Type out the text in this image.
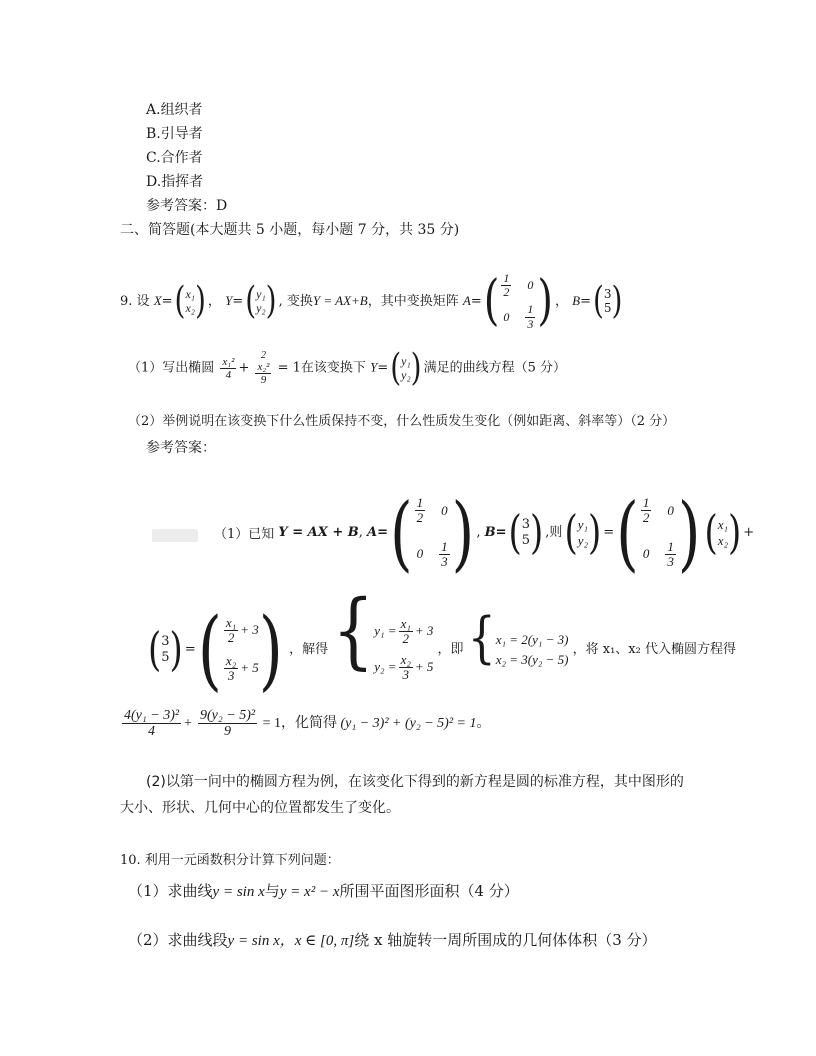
A.组织者
B.引导者
C.合作者
D.指挥者
参考答案：D
二、简答题(本大题共 5 小题，每小题 7 分，共 35 分)
9. 设 X= ( x₁
x₂ ) ， Y= ( y₁
y₂ ) , 变换Y = AX+B，其中变换矩阵 A= ( $\frac{1}{2} 0$
$0 \frac{1}{3}$ ) ， B= ( 3
5 )
（1）写出椭圆 $\frac{\text{x₁²}}{4}$ +
2
x₂²
9
= 1在该变换下 Y= ( y₁
y₂ ) 满足的曲线方程（5 分）
（2）举例说明在该变换下什么性质保持不变，什么性质发生变化（例如距离、斜率等）（2 分）
参考答案：
（1）已知 Y = AX + B, A= ( $\frac{1}{2} 0$
$0 \frac{1}{3}$ ) , B= ( 3
5 ) ,则 ( y₁
y₂ ) = ( $\frac{1}{2} 0$
$0 \frac{1}{3}$ ) ( x₁
x₂ ) +
( 3
5 ) = ( $\frac{\text{x₁}}{2} + 3$
$\frac{\text{x₂}}{3} + 5$ ) ，解得 { $y_1 = \frac{\text{x₁}}{2} + 3$
$y_2 = \frac{\text{x₂}}{3} + 5$
，即 { x₁ = 2(y₁ − 3)
x₂ = 3(y₂ − 5)
，将 x₁、x₂ 代入椭圆方程得
$\frac{\text{4(y₁ − 3)²}}{4} + \frac{\text{9(y₂ − 5)²}}{9} = 1$，化简得 (y₁ − 3)² + (y₂ − 5)² = 1。
(2)以第一问中的椭圆方程为例，在该变化下得到的新方程是圆的标准方程，其中图形的
大小、形状、几何中心的位置都发生了变化。
10. 利用一元函数积分计算下列问题：
（1）求曲线y = sin x与y = x² − x所围平面图形面积（4 分）
（2）求曲线段y = sin x，x ∈ [0, π]绕 x 轴旋转一周所围成的几何体体积（3 分）
